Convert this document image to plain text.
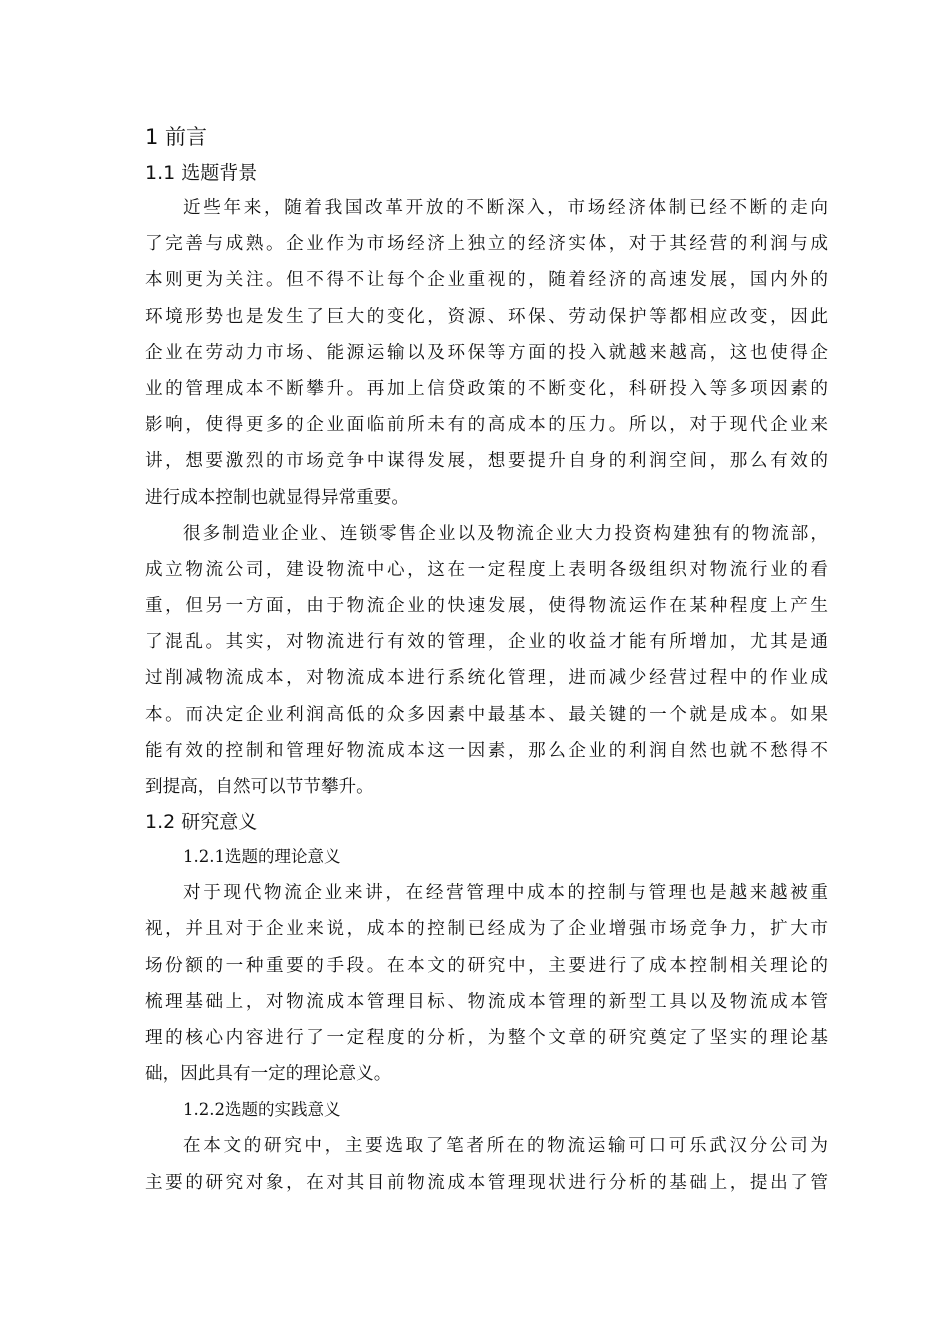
1 前言
1.1 选题背景
近些年来，随着我国改革开放的不断深入，市场经济体制已经不断的走向
了完善与成熟。企业作为市场经济上独立的经济实体，对于其经营的利润与成
本则更为关注。但不得不让每个企业重视的，随着经济的高速发展，国内外的
环境形势也是发生了巨大的变化，资源、环保、劳动保护等都相应改变，因此
企业在劳动力市场、能源运输以及环保等方面的投入就越来越高，这也使得企
业的管理成本不断攀升。再加上信贷政策的不断变化，科研投入等多项因素的
影响，使得更多的企业面临前所未有的高成本的压力。所以，对于现代企业来
讲，想要激烈的市场竞争中谋得发展，想要提升自身的利润空间，那么有效的
进行成本控制也就显得异常重要。
很多制造业企业、连锁零售企业以及物流企业大力投资构建独有的物流部，
成立物流公司，建设物流中心，这在一定程度上表明各级组织对物流行业的看
重，但另一方面，由于物流企业的快速发展，使得物流运作在某种程度上产生
了混乱。其实，对物流进行有效的管理，企业的收益才能有所增加，尤其是通
过削减物流成本，对物流成本进行系统化管理，进而减少经营过程中的作业成
本。而决定企业利润高低的众多因素中最基本、最关键的一个就是成本。如果
能有效的控制和管理好物流成本这一因素，那么企业的利润自然也就不愁得不
到提高，自然可以节节攀升。
1.2 研究意义
1.2.1选题的理论意义
对于现代物流企业来讲，在经营管理中成本的控制与管理也是越来越被重
视，并且对于企业来说，成本的控制已经成为了企业增强市场竞争力，扩大市
场份额的一种重要的手段。在本文的研究中，主要进行了成本控制相关理论的
梳理基础上，对物流成本管理目标、物流成本管理的新型工具以及物流成本管
理的核心内容进行了一定程度的分析，为整个文章的研究奠定了坚实的理论基
础，因此具有一定的理论意义。
1.2.2选题的实践意义
在本文的研究中，主要选取了笔者所在的物流运输可口可乐武汉分公司为
主要的研究对象，在对其目前物流成本管理现状进行分析的基础上，提出了管
